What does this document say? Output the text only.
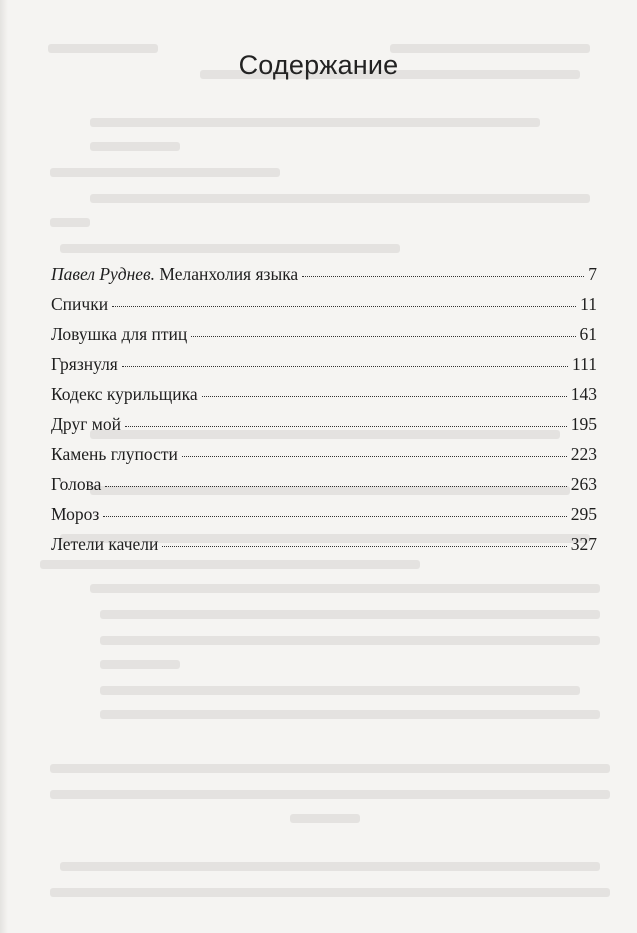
Содержание
Павел Руднев. Меланхолия языка	7
Спички	11
Ловушка для птиц	61
Грязнуля	111
Кодекс курильщика	143
Друг мой	195
Камень глупости	223
Голова	263
Мороз	295
Летели качели	327
